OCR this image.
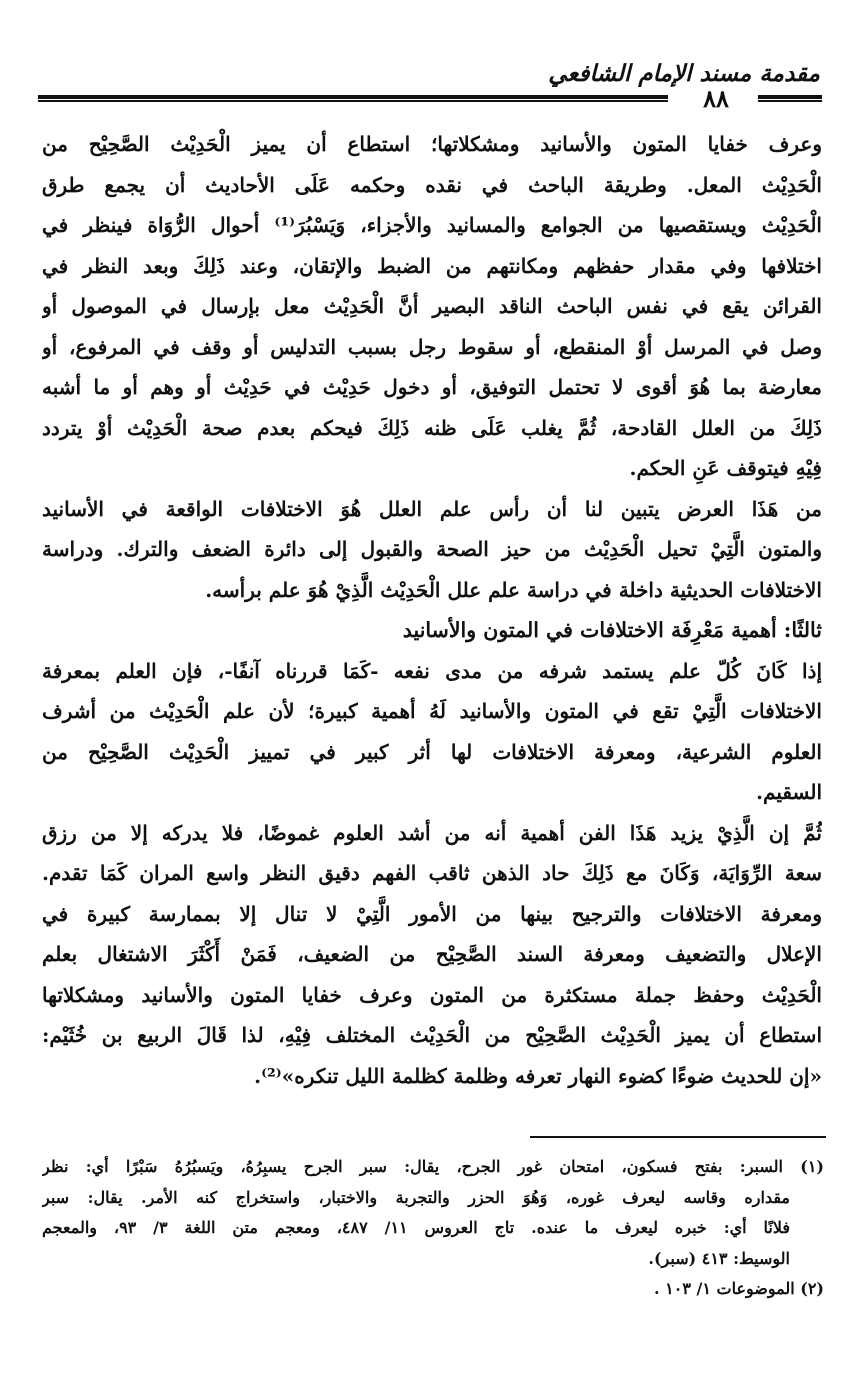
مقدمة مسند الإمام الشافعي
٨٨
وعرف خفايا المتون والأسانيد ومشكلاتها؛ استطاع أن يميز الْحَدِيْث الصَّحِيْح من
الْحَدِيْث المعل. وطريقة الباحث في نقده وحكمه عَلَى الأحاديث أن يجمع طرق
الْحَدِيْث ويستقصيها من الجوامع والمسانيد والأجزاء، وَيَسْبُرَ⁽¹⁾ أحوال الرُّوَاة فينظر في
اختلافها وفي مقدار حفظهم ومكانتهم من الضبط والإتقان، وعند ذَلِكَ وبعد النظر في
القرائن يقع في نفس الباحث الناقد البصير أنَّ الْحَدِيْث معل بإرسال في الموصول أو
وصل في المرسل أوْ المنقطع، أو سقوط رجل بسبب التدليس أو وقف في المرفوع، أو
معارضة بما هُوَ أقوى لا تحتمل التوفيق، أو دخول حَدِيْث في حَدِيْث أو وهم أو ما أشبه
ذَلِكَ من العلل القادحة، ثُمَّ يغلب عَلَى ظنه ذَلِكَ فيحكم بعدم صحة الْحَدِيْث أوْ يتردد
فِيْهِ فيتوقف عَنِ الحكم.
من هَذَا العرض يتبين لنا أن رأس علم العلل هُوَ الاختلافات الواقعة في الأسانيد
والمتون الَّتِيْ تحيل الْحَدِيْث من حيز الصحة والقبول إلى دائرة الضعف والترك. ودراسة
الاختلافات الحديثية داخلة في دراسة علم علل الْحَدِيْث الَّذِيْ هُوَ علم برأسه.
ثالثًا: أهمية مَعْرِفَة الاختلافات في المتون والأسانيد
إذا كَانَ كُلّ علم يستمد شرفه من مدى نفعه -كَمَا قررناه آنفًا-، فإن العلم بمعرفة
الاختلافات الَّتِيْ تقع في المتون والأسانيد لَهُ أهمية كبيرة؛ لأن علم الْحَدِيْث من أشرف
العلوم الشرعية، ومعرفة الاختلافات لها أثر كبير في تمييز الْحَدِيْث الصَّحِيْح من
السقيم.
ثُمَّ إن الَّذِيْ يزيد هَذَا الفن أهمية أنه من أشد العلوم غموضًا، فلا يدركه إلا من رزق
سعة الرِّوَايَة، وَكَانَ مع ذَلِكَ حاد الذهن ثاقب الفهم دقيق النظر واسع المران كَمَا تقدم.
ومعرفة الاختلافات والترجيح بينها من الأمور الَّتِيْ لا تنال إلا بممارسة كبيرة في
الإعلال والتضعيف ومعرفة السند الصَّحِيْح من الضعيف، فَمَنْ أَكْثَرَ الاشتغال بعلم
الْحَدِيْث وحفظ جملة مستكثرة من المتون وعرف خفايا المتون والأسانيد ومشكلاتها
استطاع أن يميز الْحَدِيْث الصَّحِيْح من الْحَدِيْث المختلف فِيْهِ، لذا قَالَ الربيع بن خُثَيْم:
«إن للحديث ضوءًا كضوء النهار تعرفه وظلمة كظلمة الليل تنكره»⁽²⁾.
(١) السبر: بفتح فسكون، امتحان غور الجرح، يقال: سبر الجرح يسبِرُهُ، ويَسبُرُهُ سَبْرًا أي: نظر
مقداره وقاسه ليعرف غوره، وَهُوَ الحزر والتجربة والاختبار، واستخراج كنه الأمر. يقال: سبر
فلانًا أي: خبره ليعرف ما عنده. تاج العروس ١١/ ٤٨٧، ومعجم متن اللغة ٣/ ٩٣، والمعجم
الوسيط: ٤١٣ (سبر).
(٢) الموضوعات ١/ ١٠٣ .
